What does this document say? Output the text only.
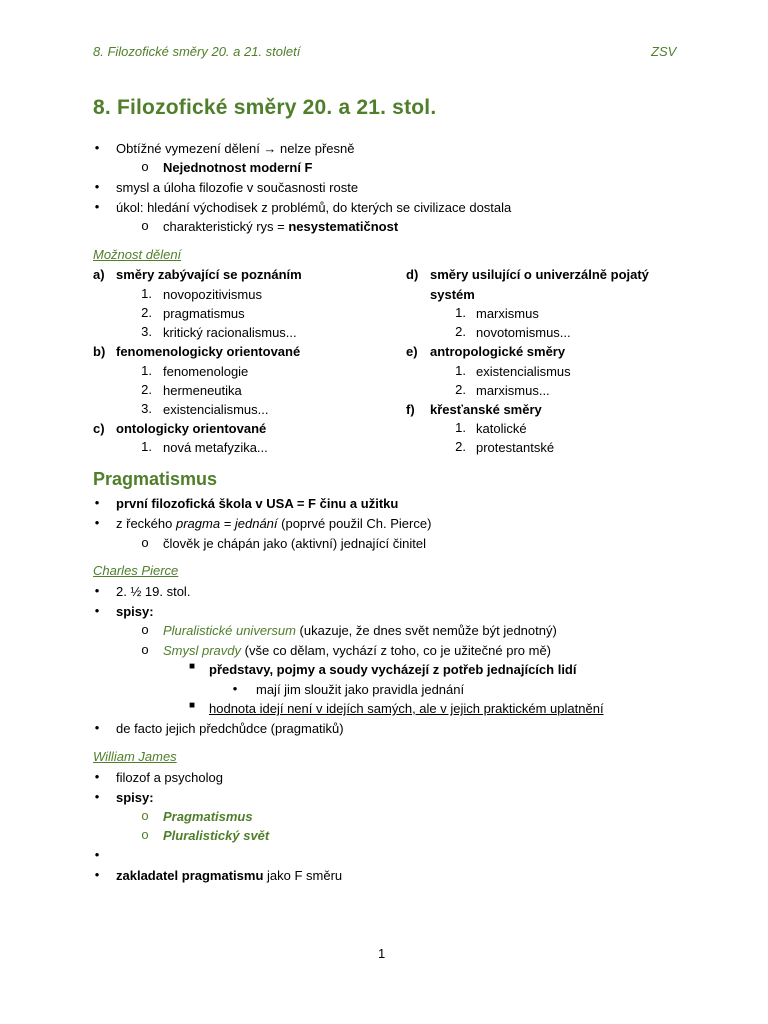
8. Filozofické směry 20. a 21. století	ZSV
8. Filozofické směry 20. a 21. stol.
•	Obtížné vymezení dělení → nelze přesně
o Nejednotnost moderní F
•	smysl a úloha filozofie v současnosti roste
•	úkol: hledání východisek z problémů, do kterých se civilizace dostala
o charakteristický rys = nesystematičnost
Možnost dělení
a) směry zabývající se poznáním
1. novopozitivismus
2. pragmatismus
3. kritický racionalismus...
b) fenomenologicky orientované
1. fenomenologie
2. hermeneutika
3. existencialismus...
c) ontologicky orientované
1. nová metafyzika...
d) směry usilující o univerzálně pojatý
systém
1. marxismus
2. novotomismus...
e) antropologické směry
1. existencialismus
2. marxismus...
f) křesťanské směry
1. katolické
2. protestantské
Pragmatismus
•	první filozofická škola v USA = F činu a užitku
•	z řeckého pragma = jednání (poprvé použil Ch. Pierce)
o člověk je chápán jako (aktivní) jednající činitel
Charles Pierce
•	2. ½ 19. stol.
•	spisy:
o Pluralistické universum (ukazuje, že dnes svět nemůže být jednotný)
o Smysl pravdy (vše co dělam, vychází z toho, co je užitečné pro mě)
■	představy, pojmy a soudy vycházejí z potřeb jednajících lidí
•	mají jim sloužit jako pravidla jednání
■	hodnota idejí není v idejích samých, ale v jejich praktickém uplatnění
•	de facto jejich předchůdce (pragmatiků)
William James
•	filozof a psycholog
•	spisy:
o Pragmatismus
o Pluralistický svět
•
•	zakladatel pragmatismu jako F směru
1
